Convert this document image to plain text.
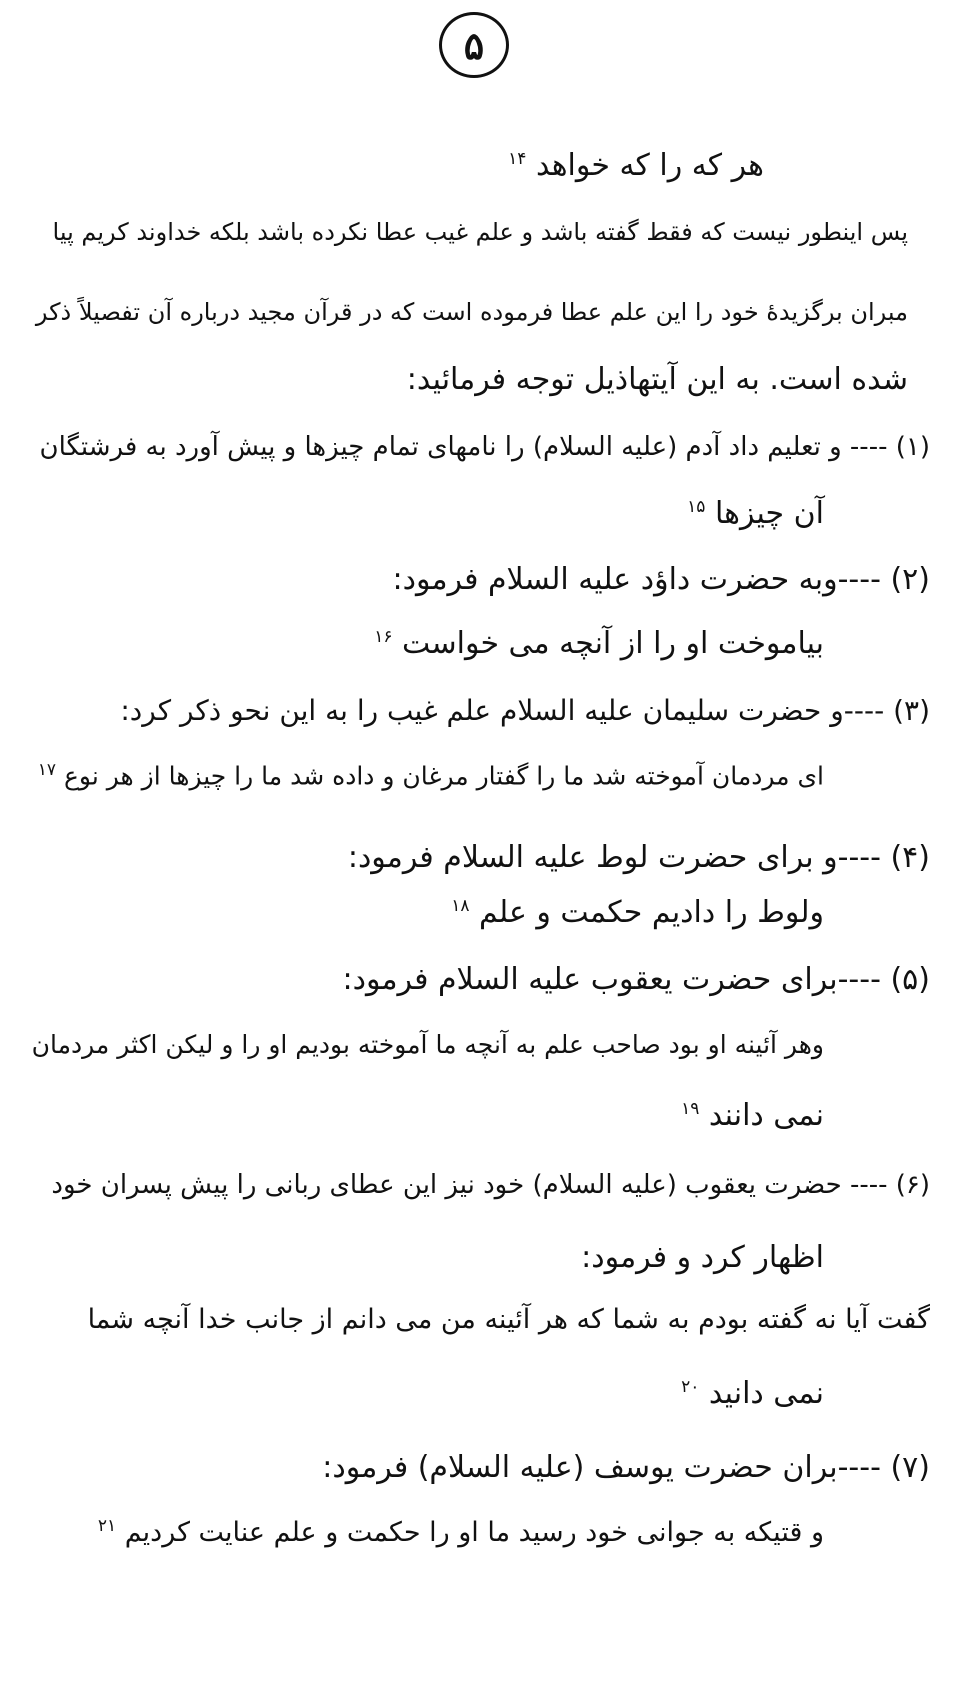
۵
هر که را که خواهد $^{۱۴}$
پس اینطور نیست که فقط گفته باشد و علم غیب عطا نکرده باشد بلکه خداوند کریم پیا
مبران برگزیدهٔ خود را این علم عطا فرموده است که در قرآن مجید درباره آن تفصیلاً ذکر
شده است. به این آیتهاذیل توجه فرمائید:
(۱) ---- و تعلیم داد آدم (علیه السلام) را نامهای تمام چیزها و پیش آورد به فرشتگان
آن چیزها $^{۱۵}$
(۲) ----وبه حضرت داؤد علیه السلام فرمود:
بیاموخت او را از آنچه می خواست $^{۱۶}$
(۳) ----و حضرت سلیمان علیه السلام علم غیب را به این نحو ذکر کرد:
ای مردمان آموخته شد ما را گفتار مرغان و داده شد ما را چیزها از هر نوع $^{۱۷}$
(۴) ----و برای حضرت لوط علیه السلام فرمود:
ولوط را دادیم حکمت و علم $^{۱۸}$
(۵) ----برای حضرت یعقوب علیه السلام فرمود:
وهر آئینه او بود صاحب علم به آنچه ما آموخته بودیم او را و لیکن اکثر مردمان
نمی دانند $^{۱۹}$
(۶) ---- حضرت یعقوب (علیه السلام) خود نیز این عطای ربانی را پیش پسران خود
اظهار کرد و فرمود:
گفت آیا نه گفته بودم به شما که هر آئینه من می دانم از جانب خدا آنچه شما
نمی دانید $^{۲۰}$
(۷) ----بران حضرت یوسف (علیه السلام) فرمود:
و قتیکه به جوانی خود رسید ما او را حکمت و علم عنایت کردیم $^{۲۱}$
